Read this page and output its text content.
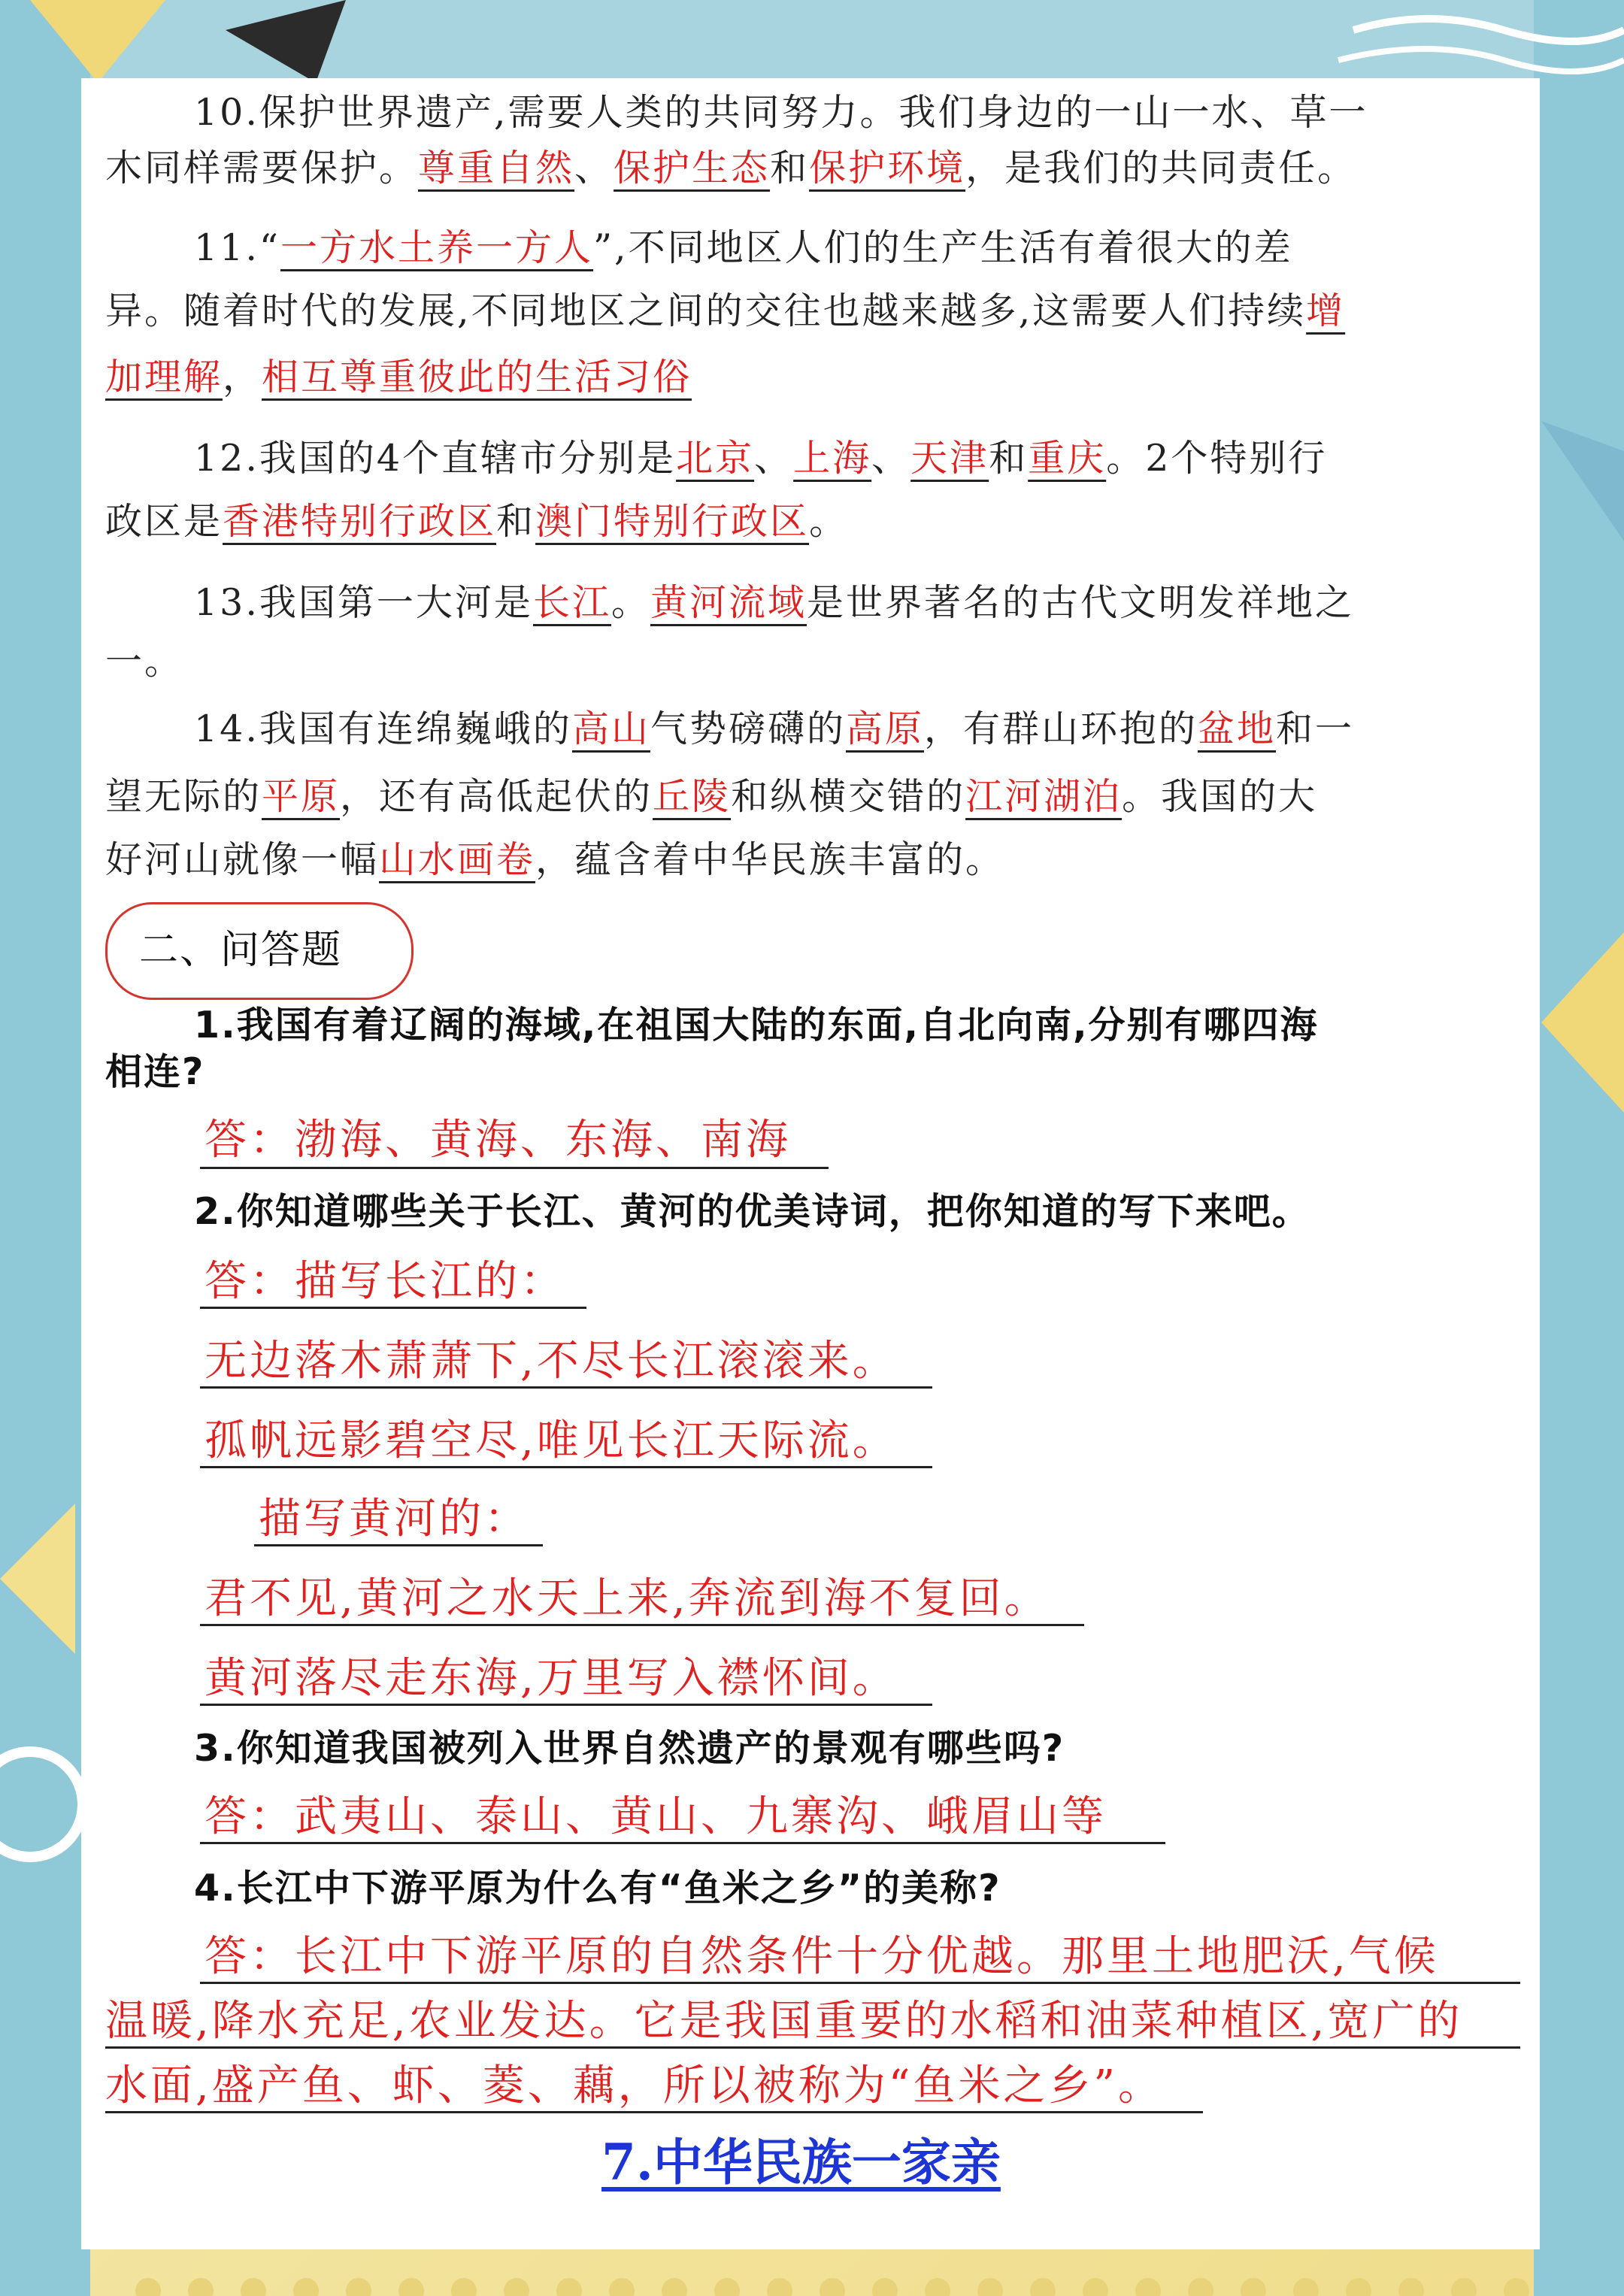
10.保护世界遗产,需要人类的共同努力。我们身边的一山一水、草一
木同样需要保护。尊重自然、保护生态和保护环境，是我们的共同责任。
11.“一方水土养一方人”,不同地区人们的生产生活有着很大的差
异。随着时代的发展,不同地区之间的交往也越来越多,这需要人们持续增
加理解，相互尊重彼此的生活习俗
12.我国的4个直辖市分别是北京、上海、天津和重庆。2个特别行
政区是香港特别行政区和澳门特别行政区。
13.我国第一大河是长江。黄河流域是世界著名的古代文明发祥地之
一。
14.我国有连绵巍峨的高山气势磅礴的高原，有群山环抱的盆地和一
望无际的平原，还有高低起伏的丘陵和纵横交错的江河湖泊。我国的大
好河山就像一幅山水画卷，蕴含着中华民族丰富的。
二、问答题
1.我国有着辽阔的海域,在祖国大陆的东面,自北向南,分别有哪四海
相连?
答：渤海、黄海、东海、南海
2.你知道哪些关于长江、黄河的优美诗词，把你知道的写下来吧。
答：描写长江的：
无边落木萧萧下,不尽长江滚滚来。
孤帆远影碧空尽,唯见长江天际流。
描写黄河的：
君不见,黄河之水天上来,奔流到海不复回。
黄河落尽走东海,万里写入襟怀间。
3.你知道我国被列入世界自然遗产的景观有哪些吗?
答：武夷山、泰山、黄山、九寨沟、峨眉山等
4.长江中下游平原为什么有“鱼米之乡”的美称?
答：长江中下游平原的自然条件十分优越。那里土地肥沃,气候
温暖,降水充足,农业发达。它是我国重要的水稻和油菜种植区,宽广的
水面,盛产鱼、虾、菱、藕，所以被称为“鱼米之乡”。
7.中华民族一家亲
